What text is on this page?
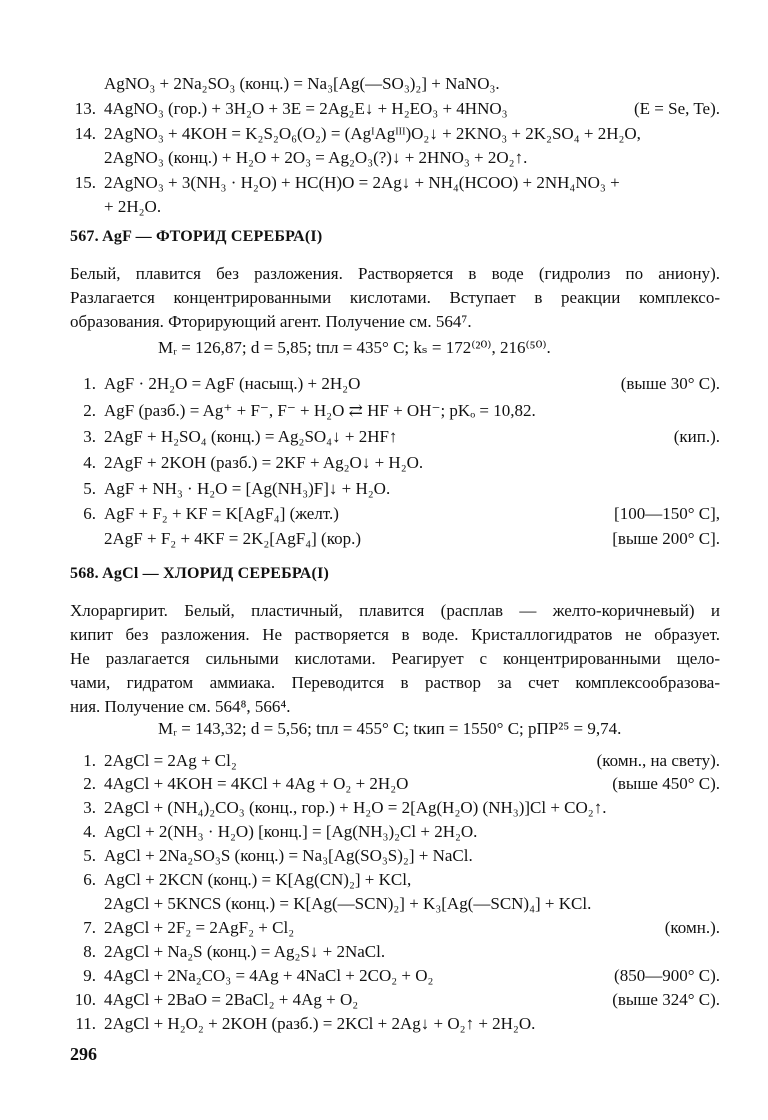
AgNO₃ + 2Na₂SO₃ (конц.) = Na₃[Ag(—SO₃)₂] + NaNO₃.
13. 4AgNO₃ (гор.) + 3H₂O + 3E = 2Ag₂E↓ + H₂EO₃ + 4HNO₃	(E = Se, Te).
14. 2AgNO₃ + 4KOH = K₂S₂O₆(O₂) = (AgᴵAgᴵᴵᴵ)O₂↓ + 2KNO₃ + 2K₂SO₄ + 2H₂O,
2AgNO₃ (конц.) + H₂O + 2O₃ = Ag₂O₃(?)↓ + 2HNO₃ + 2O₂↑.
15. 2AgNO₃ + 3(NH₃ · H₂O) + HC(H)O = 2Ag↓ + NH₄(HCOO) + 2NH₄NO₃ +
+ 2H₂O.
567. AgF — ФТОРИД СЕРЕБРА(I)
Белый, плавится без разложения. Растворяется в воде (гидролиз по аниону).
Разлагается концентрированными кислотами. Вступает в реакции комплексо-
образования. Фторирующий агент. Получение см. 564⁷.
Mᵣ = 126,87; d = 5,85; tпл = 435° C; kₛ = 172⁽²⁰⁾, 216⁽⁵⁰⁾.
1. AgF · 2H₂O = AgF (насыщ.) + 2H₂O	(выше 30° C).
2. AgF (разб.) = Ag⁺ + F⁻, F⁻ + H₂O ⇄ HF + OH⁻; pKₒ = 10,82.
3. 2AgF + H₂SO₄ (конц.) = Ag₂SO₄↓ + 2HF↑	(кип.).
4. 2AgF + 2KOH (разб.) = 2KF + Ag₂O↓ + H₂O.
5. AgF + NH₃ · H₂O = [Ag(NH₃)F]↓ + H₂O.
6. AgF + F₂ + KF = K[AgF₄] (желт.)	[100—150° C],
2AgF + F₂ + 4KF = 2K₂[AgF₄] (кор.)	[выше 200° C].
568. AgCl — ХЛОРИД СЕРЕБРА(I)
Хлораргирит. Белый, пластичный, плавится (расплав — желто-коричневый) и
кипит без разложения. Не растворяется в воде. Кристаллогидратов не образует.
Не разлагается сильными кислотами. Реагирует с концентрированными щело-
чами, гидратом аммиака. Переводится в раствор за счет комплексообразова-
ния. Получение см. 564⁸, 566⁴.
Mᵣ = 143,32; d = 5,56; tпл = 455° C; tкип = 1550° C; pПР²⁵ = 9,74.
1. 2AgCl = 2Ag + Cl₂	(комн., на свету).
2. 4AgCl + 4KOH = 4KCl + 4Ag + O₂ + 2H₂O	(выше 450° C).
3. 2AgCl + (NH₄)₂CO₃ (конц., гор.) + H₂O = 2[Ag(H₂O) (NH₃)]Cl + CO₂↑.
4. AgCl + 2(NH₃ · H₂O) [конц.] = [Ag(NH₃)₂Cl + 2H₂O.
5. AgCl + 2Na₂SO₃S (конц.) = Na₃[Ag(SO₃S)₂] + NaCl.
6. AgCl + 2KCN (конц.) = K[Ag(CN)₂] + KCl,
2AgCl + 5KNCS (конц.) = K[Ag(—SCN)₂] + K₃[Ag(—SCN)₄] + KCl.
7. 2AgCl + 2F₂ = 2AgF₂ + Cl₂	(комн.).
8. 2AgCl + Na₂S (конц.) = Ag₂S↓ + 2NaCl.
9. 4AgCl + 2Na₂CO₃ = 4Ag + 4NaCl + 2CO₂ + O₂	(850—900° C).
10. 4AgCl + 2BaO = 2BaCl₂ + 4Ag + O₂	(выше 324° C).
11. 2AgCl + H₂O₂ + 2KOH (разб.) = 2KCl + 2Ag↓ + O₂↑ + 2H₂O.
296
